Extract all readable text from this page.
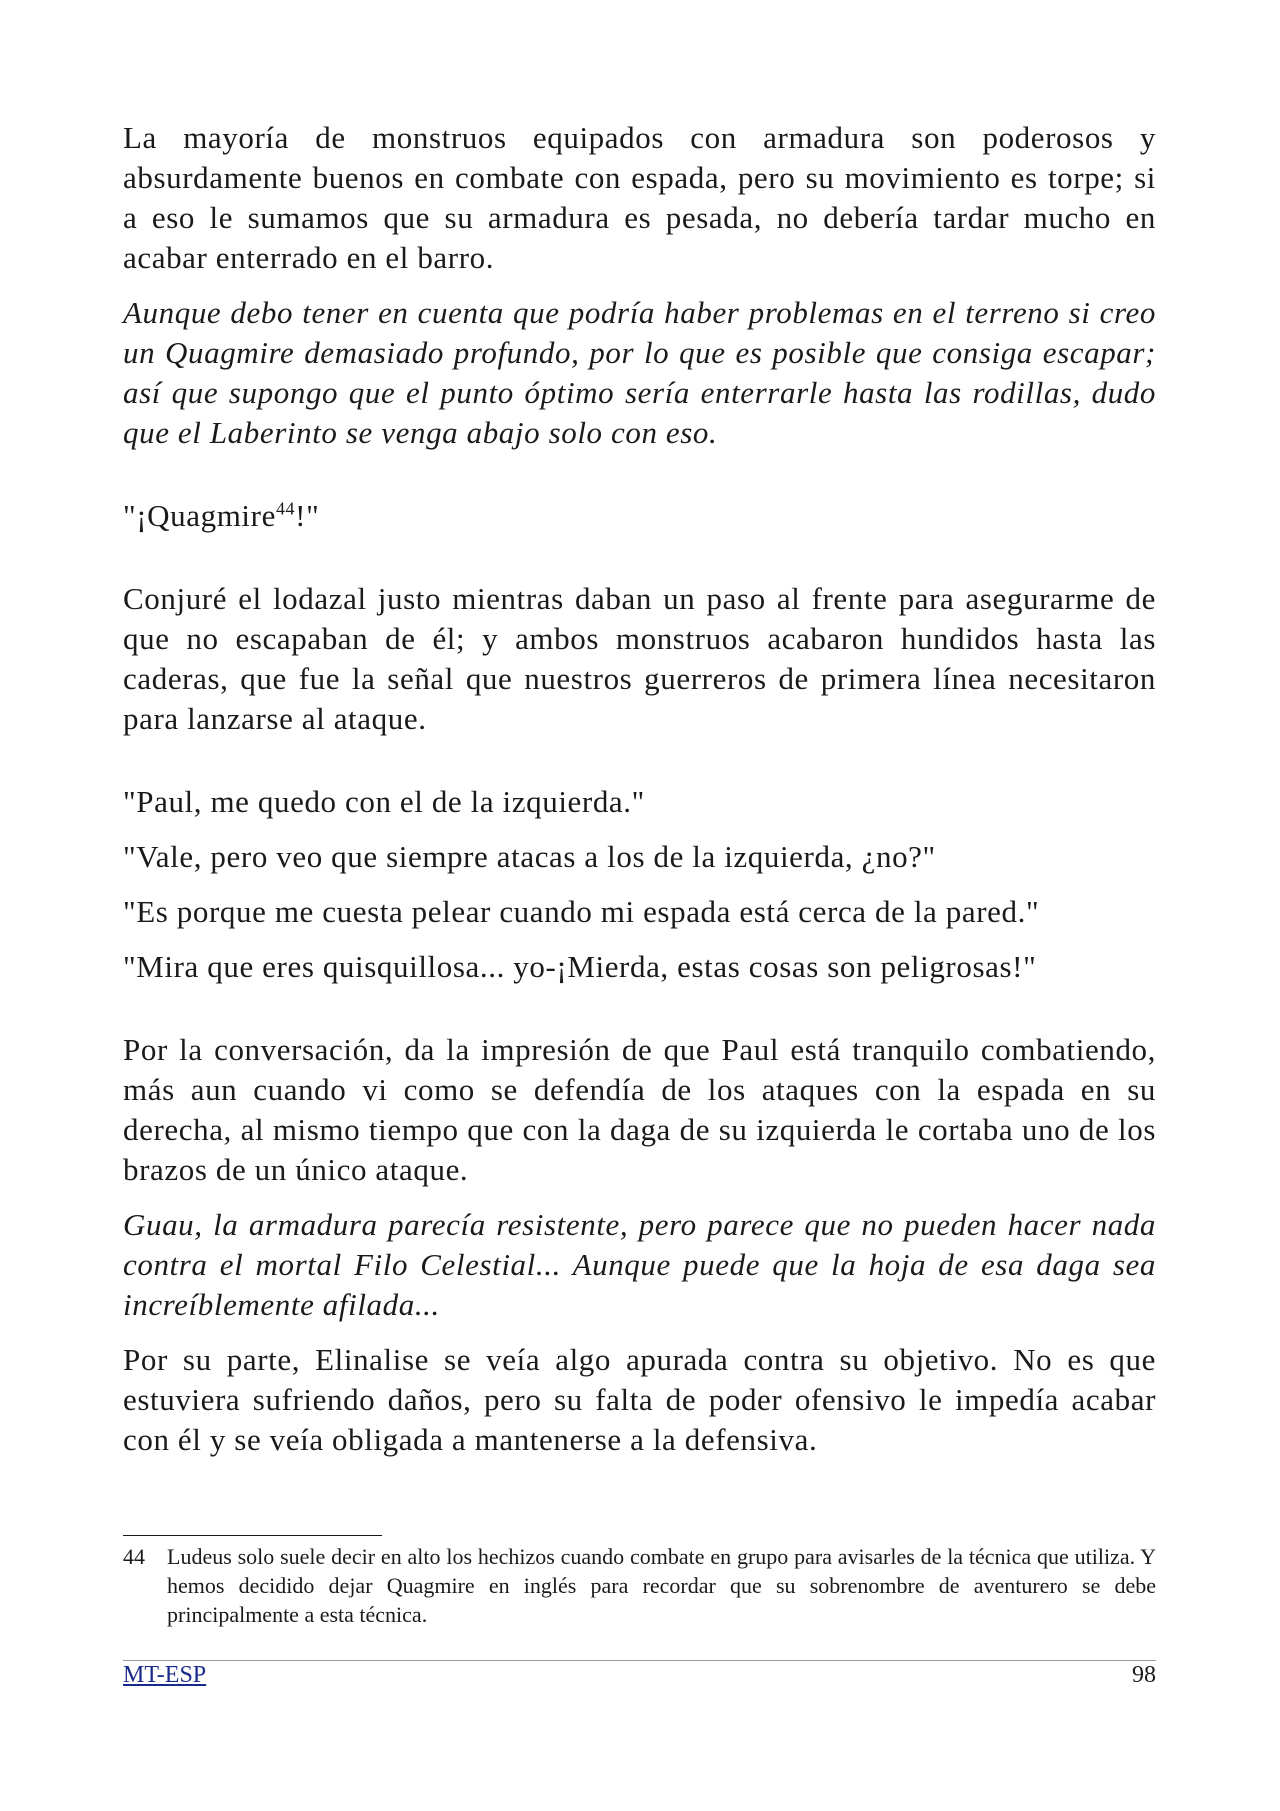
La mayoría de monstruos equipados con armadura son poderosos y absurdamente buenos en combate con espada, pero su movimiento es torpe; si a eso le sumamos que su armadura es pesada, no debería tardar mucho en acabar enterrado en el barro.

Aunque debo tener en cuenta que podría haber problemas en el terreno si creo un Quagmire demasiado profundo, por lo que es posible que consiga escapar; así que supongo que el punto óptimo sería enterrarle hasta las rodillas, dudo que el Laberinto se venga abajo solo con eso.

"¡Quagmire$^{44}$!"

Conjuré el lodazal justo mientras daban un paso al frente para asegurarme de que no escapaban de él; y ambos monstruos acabaron hundidos hasta las caderas, que fue la señal que nuestros guerreros de primera línea necesitaron para lanzarse al ataque.

"Paul, me quedo con el de la izquierda."

"Vale, pero veo que siempre atacas a los de la izquierda, ¿no?"

"Es porque me cuesta pelear cuando mi espada está cerca de la pared."

"Mira que eres quisquillosa... yo-¡Mierda, estas cosas son peligrosas!"

Por la conversación, da la impresión de que Paul está tranquilo combatiendo, más aun cuando vi como se defendía de los ataques con la espada en su derecha, al mismo tiempo que con la daga de su izquierda le cortaba uno de los brazos de un único ataque.

Guau, la armadura parecía resistente, pero parece que no pueden hacer nada contra el mortal Filo Celestial... Aunque puede que la hoja de esa daga sea increíblemente afilada...

Por su parte, Elinalise se veía algo apurada contra su objetivo. No es que estuviera sufriendo daños, pero su falta de poder ofensivo le impedía acabar con él y se veía obligada a mantenerse a la defensiva.

44 Ludeus solo suele decir en alto los hechizos cuando combate en grupo para avisarles de la técnica que utiliza. Y hemos decidido dejar Quagmire en inglés para recordar que su sobrenombre de aventurero se debe principalmente a esta técnica.
MT-ESP	98
